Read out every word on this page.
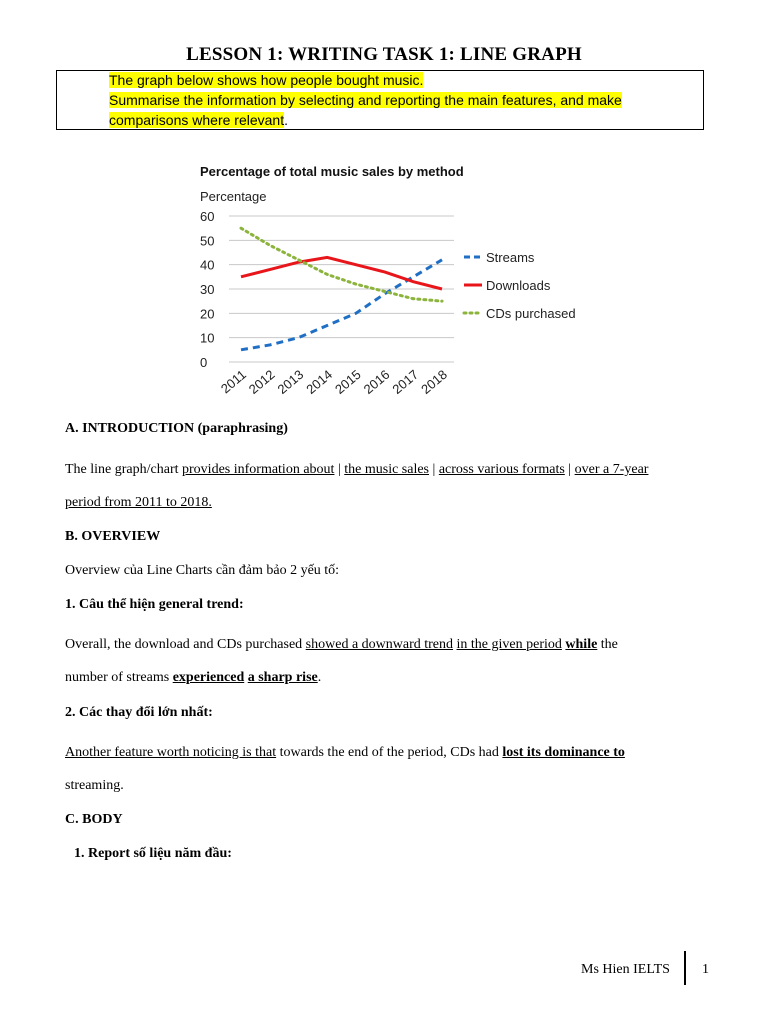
LESSON 1: WRITING TASK 1: LINE GRAPH
The graph below shows how people bought music.
Summarise the information by selecting and reporting the main features, and make
comparisons where relevant.
Percentage of total music sales by method
Percentage
60
50
40
30
20
10
0
2011
2012
2013
2014
2015
2016
2017
2018
Streams
Downloads
CDs purchased
A. INTRODUCTION (paraphrasing)
The line graph/chart provides information about | the music sales | across various formats | over a 7-year
period from 2011 to 2018.
B. OVERVIEW
Overview của Line Charts cần đảm bảo 2 yếu tố:
1. Câu thể hiện general trend:
Overall, the download and CDs purchased showed a downward trend in the given period while the
number of streams experienced a sharp rise.
2. Các thay đổi lớn nhất:
Another feature worth noticing is that towards the end of the period, CDs had lost its dominance to
streaming.
C. BODY
1. Report số liệu năm đầu:
Ms Hien IELTS 1
